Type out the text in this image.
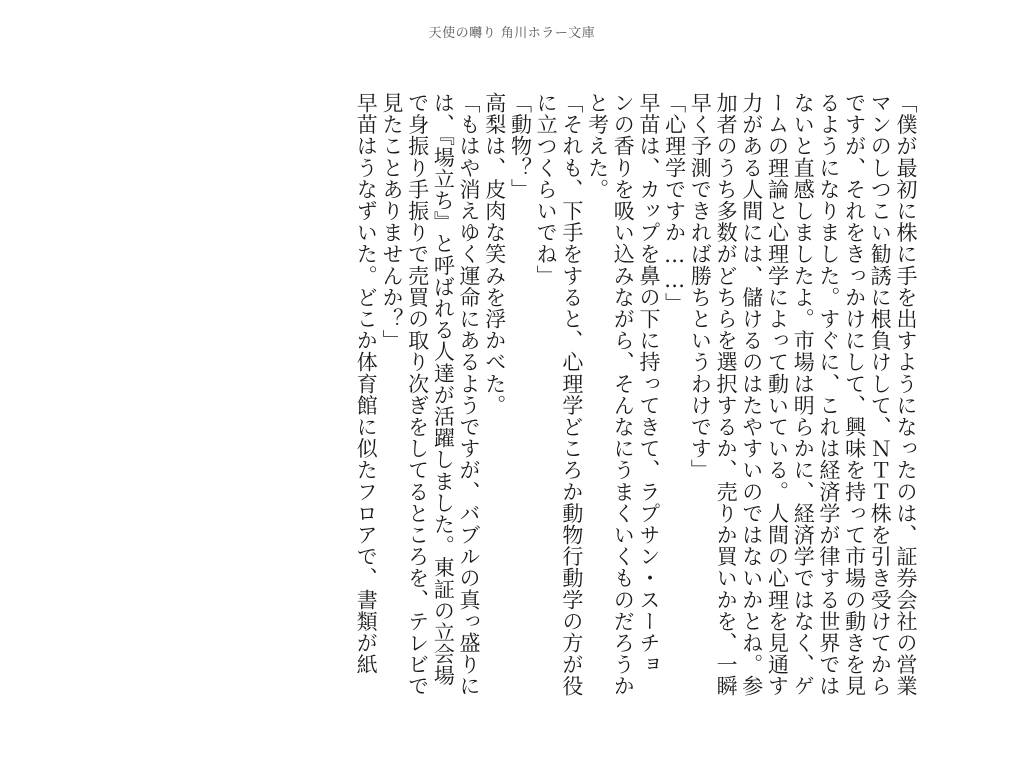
天使の囀り 角川ホラー文庫
「僕が最初に株に手を出すようになったのは、証券会社の営業
マンのしつこい勧誘に根負けして、ＮＴＴ株を引き受けてから
ですが、それをきっかけにして、興味を持って市場の動きを見
るようになりました。すぐに、これは経済学が律する世界では
ないと直感しましたよ。市場は明らかに、経済学ではなく、ゲ
ームの理論と心理学によって動いている。人間の心理を見通す
力がある人間には、儲けるのはたやすいのではないかとね。参
加者のうち多数がどちらを選択するか、売りか買いかを、一瞬
早く予測できれば勝ちというわけです」
「心理学ですか……」
早苗は、カップを鼻の下に持ってきて、ラプサン・スーチョ
ンの香りを吸い込みながら、そんなにうまくいくものだろうか
と考えた。
「それも、下手をすると、心理学どころか動物行動学の方が役
に立つくらいでね」
「動物？」
高梨は、皮肉な笑みを浮かべた。
「もはや消えゆく運命にあるようですが、バブルの真っ盛りに
は、『場立ち』と呼ばれる人達が活躍しました。東証の立会場
で身振り手振りで売買の取り次ぎをしてるところを、テレビで
見たことありませんか？」
早苗はうなずいた。どこか体育館に似たフロアで、書類が紙
